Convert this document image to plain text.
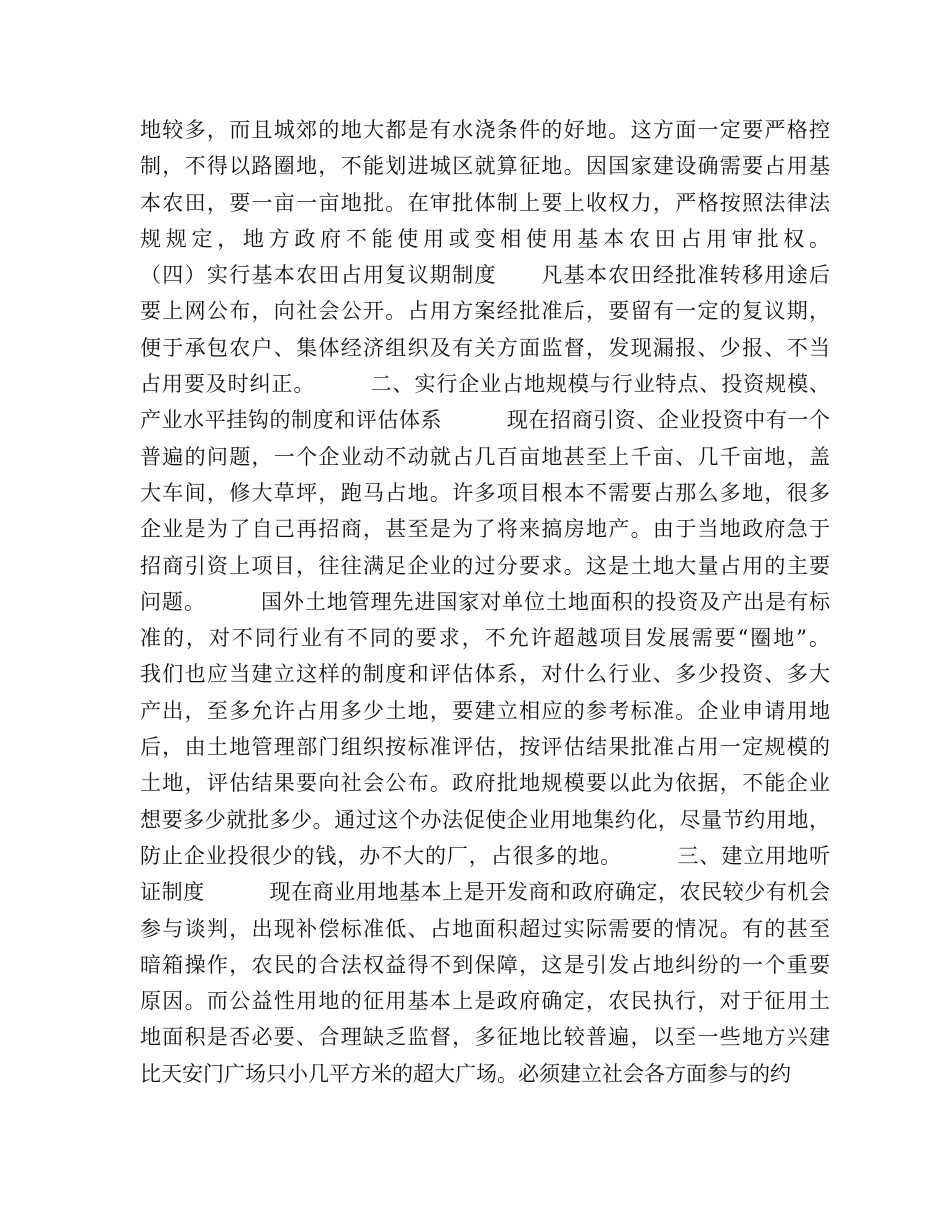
地较多，而且城郊的地大都是有水浇条件的好地。这方面一定要严格控
制，不得以路圈地，不能划进城区就算征地。因国家建设确需要占用基
本农田，要一亩一亩地批。在审批体制上要上收权力，严格按照法律法
规规定，地方政府不能使用或变相使用基本农田占用审批权。
（四）实行基本农田占用复议期制度　　凡基本农田经批准转移用途后
要上网公布，向社会公开。占用方案经批准后，要留有一定的复议期，
便于承包农户、集体经济组织及有关方面监督，发现漏报、少报、不当
占用要及时纠正。　　　二、实行企业占地规模与行业特点、投资规模、
产业水平挂钩的制度和评估体系　　　现在招商引资、企业投资中有一个
普遍的问题，一个企业动不动就占几百亩地甚至上千亩、几千亩地，盖
大车间，修大草坪，跑马占地。许多项目根本不需要占那么多地，很多
企业是为了自己再招商，甚至是为了将来搞房地产。由于当地政府急于
招商引资上项目，往往满足企业的过分要求。这是土地大量占用的主要
问题。　　　国外土地管理先进国家对单位土地面积的投资及产出是有标
准的，对不同行业有不同的要求，不允许超越项目发展需要“圈地”。
我们也应当建立这样的制度和评估体系，对什么行业、多少投资、多大
产出，至多允许占用多少土地，要建立相应的参考标准。企业申请用地
后，由土地管理部门组织按标准评估，按评估结果批准占用一定规模的
土地，评估结果要向社会公布。政府批地规模要以此为依据，不能企业
想要多少就批多少。通过这个办法促使企业用地集约化，尽量节约用地，
防止企业投很少的钱，办不大的厂，占很多的地。　　　三、建立用地听
证制度　　　现在商业用地基本上是开发商和政府确定，农民较少有机会
参与谈判，出现补偿标准低、占地面积超过实际需要的情况。有的甚至
暗箱操作，农民的合法权益得不到保障，这是引发占地纠纷的一个重要
原因。而公益性用地的征用基本上是政府确定，农民执行，对于征用土
地面积是否必要、合理缺乏监督，多征地比较普遍，以至一些地方兴建
比天安门广场只小几平方米的超大广场。必须建立社会各方面参与的约
